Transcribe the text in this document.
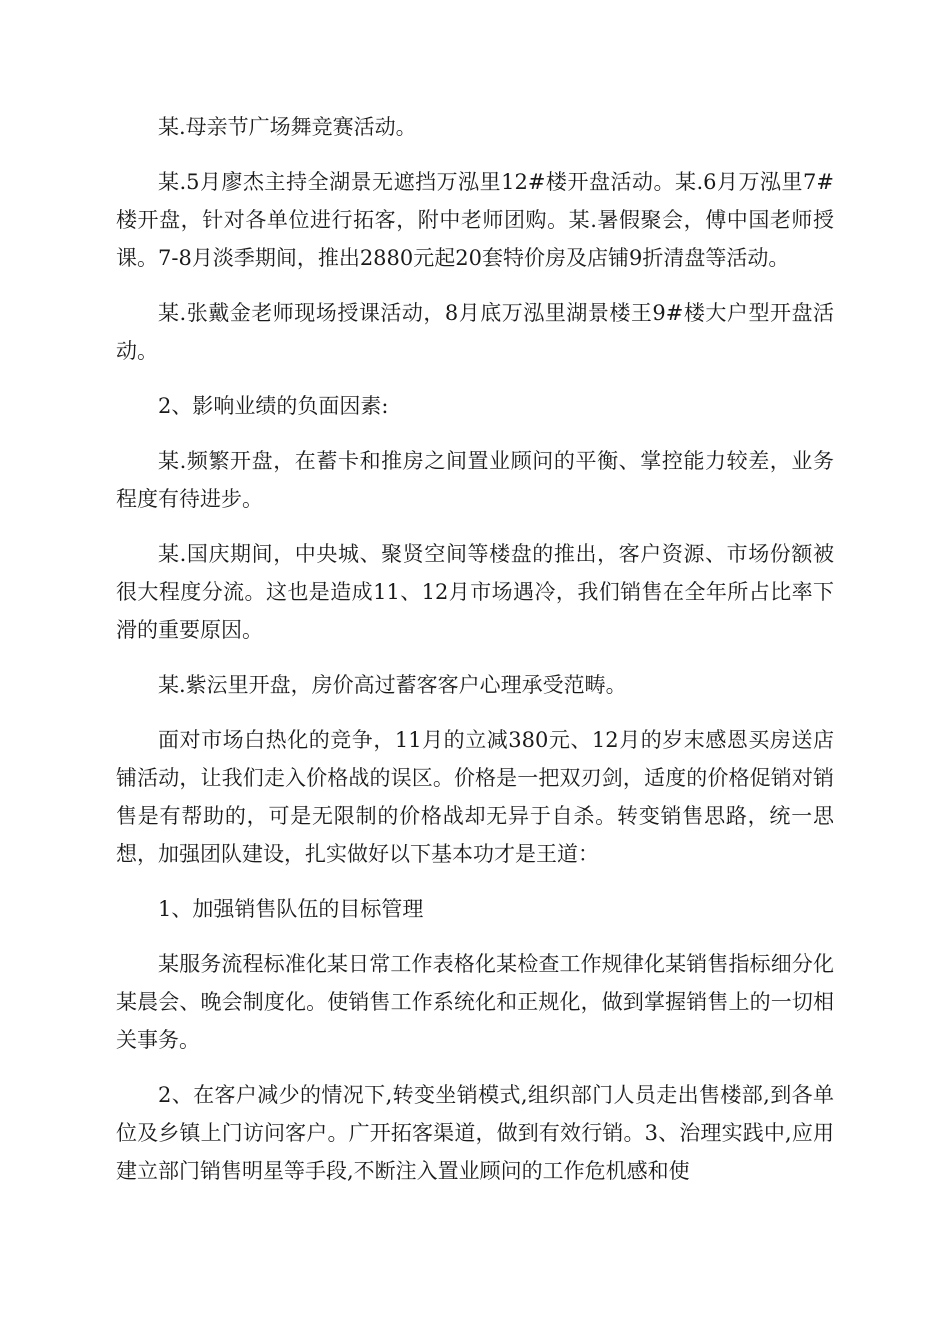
某.母亲节广场舞竞赛活动。

某.5月廖杰主持全湖景无遮挡万泓里12#楼开盘活动。某.6月万泓里7#楼开盘，针对各单位进行拓客，附中老师团购。某.暑假聚会，傅中国老师授课。7-8月淡季期间，推出2880元起20套特价房及店铺9折清盘等活动。

某.张戴金老师现场授课活动，8月底万泓里湖景楼王9#楼大户型开盘活动。

2、影响业绩的负面因素:

某.频繁开盘，在蓄卡和推房之间置业顾问的平衡、掌控能力较差，业务程度有待进步。

某.国庆期间，中央城、聚贤空间等楼盘的推出，客户资源、市场份额被很大程度分流。这也是造成11、12月市场遇冷，我们销售在全年所占比率下滑的重要原因。

某.紫沄里开盘，房价高过蓄客客户心理承受范畴。

面对市场白热化的竞争，11月的立减380元、12月的岁末感恩买房送店铺活动，让我们走入价格战的误区。价格是一把双刃剑，适度的价格促销对销售是有帮助的，可是无限制的价格战却无异于自杀。转变销售思路，统一思想，加强团队建设，扎实做好以下基本功才是王道：

1、加强销售队伍的目标管理

某服务流程标准化某日常工作表格化某检查工作规律化某销售指标细分化某晨会、晚会制度化。使销售工作系统化和正规化，做到掌握销售上的一切相关事务。

2、在客户减少的情况下,转变坐销模式,组织部门人员走出售楼部,到各单位及乡镇上门访问客户。广开拓客渠道，做到有效行销。3、治理实践中,应用建立部门销售明星等手段,不断注入置业顾问的工作危机感和使
